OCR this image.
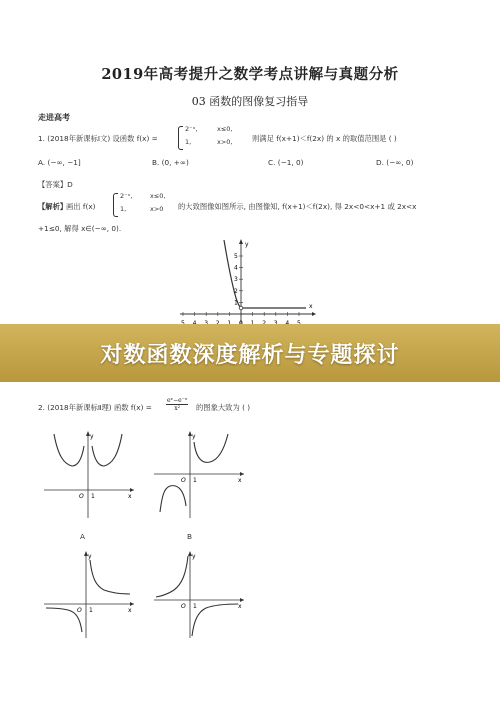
2019年高考提升之数学考点讲解与真题分析
03 函数的图像复习指导
走进高考
1. (2018年新课标Ⅰ文) 设函数 f(x) =
2⁻ˣ,	x≤0,
1,	x>0,	则满足 f(x+1)＜f(2x) 的 x 的取值范围是 ( )
A. (−∞, −1]	B. (0, +∞)	C. (−1, 0)	D. (−∞, 0)
【答案】D
【解析】
画出 f(x)
2⁻ˣ,	x≤0,
1,	x>0 的大致图像如图所示, 由图像知, f(x+1)＜f(2x), 得 2x<0<x+1 或 2x<x
+1≤0, 解得 x∈(−∞, 0).
5
4
3
2
1
x
y
对数函数深度解析与专题探讨
2. (2018年新课标Ⅱ理) 函数 $f(x) = \frac{\text{eˣ−e⁻ˣ}}{\text{x²}}$ 的图象大致为 ( )
y
x
O 1
y
x
O 1
A	B
y
x
O 1
y
x
O 1
